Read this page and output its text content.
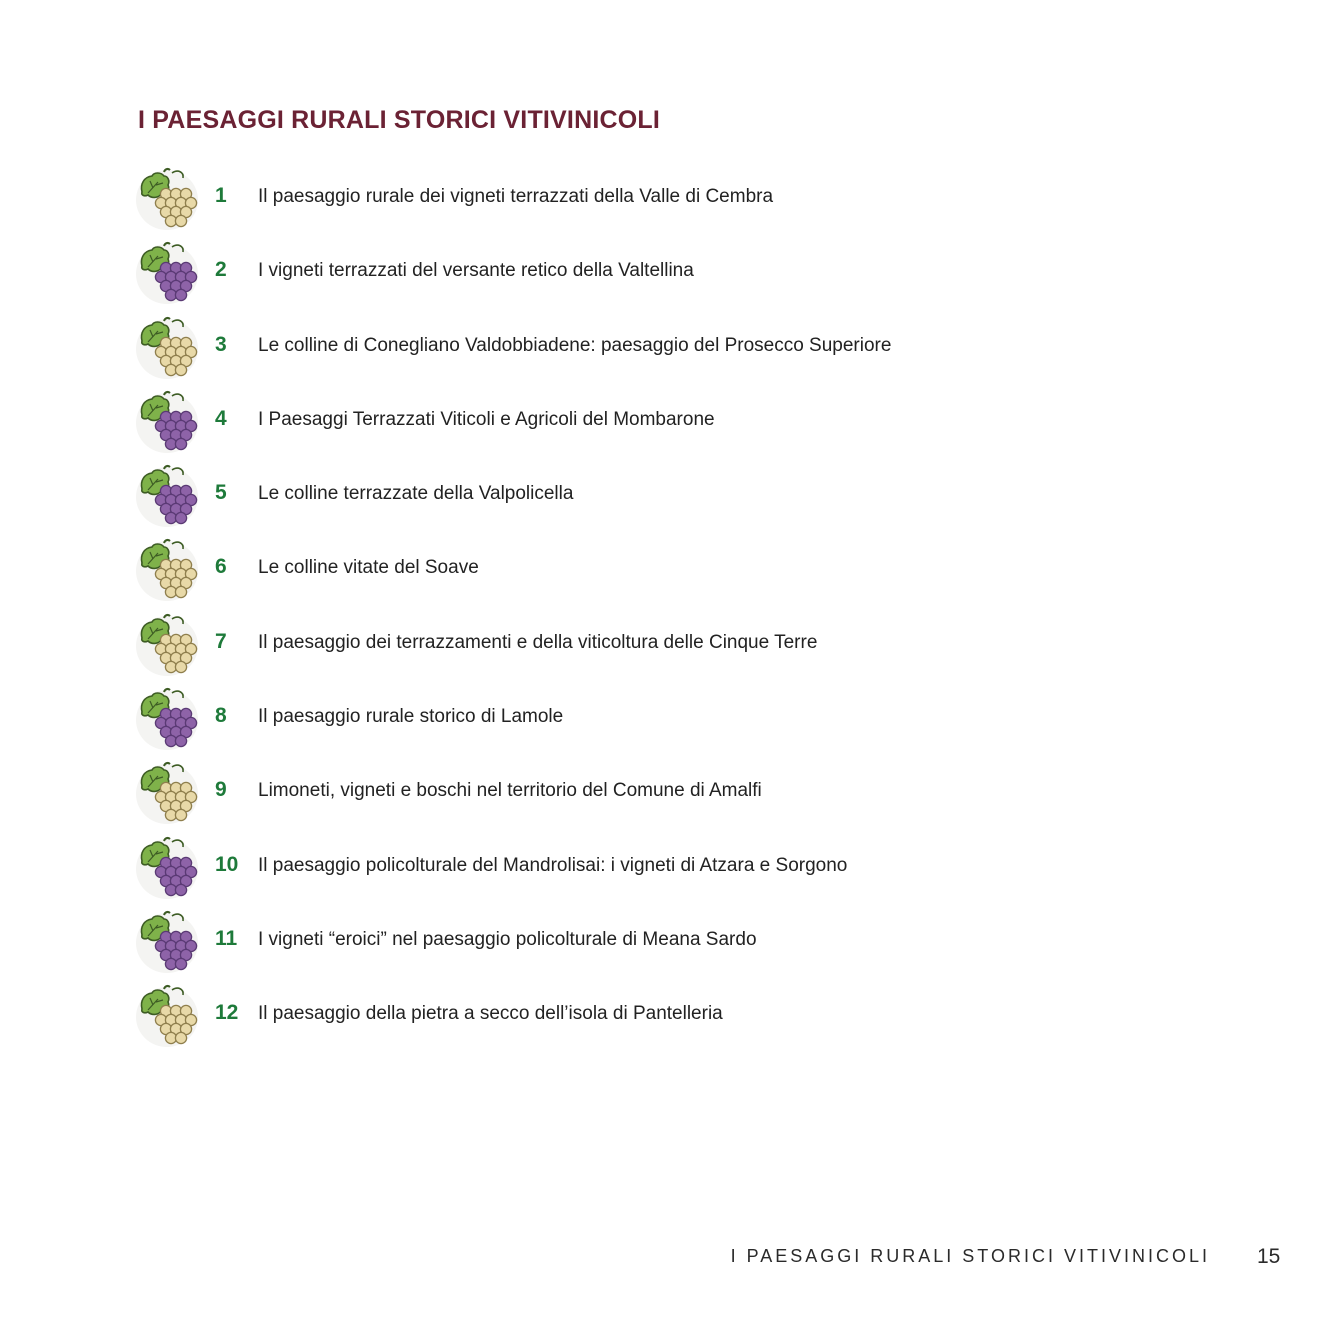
I PAESAGGI RURALI STORICI VITIVINICOLI
1 Il paesaggio rurale dei vigneti terrazzati della Valle di Cembra
2 I vigneti terrazzati del versante retico della Valtellina
3 Le colline di Conegliano Valdobbiadene: paesaggio del Prosecco Superiore
4 I Paesaggi Terrazzati Viticoli e Agricoli del Mombarone
5 Le colline terrazzate della Valpolicella
6 Le colline vitate del Soave
7 Il paesaggio dei terrazzamenti e della viticoltura delle Cinque Terre
8 Il paesaggio rurale storico di Lamole
9 Limoneti, vigneti e boschi nel territorio del Comune di Amalfi
10 Il paesaggio policolturale del Mandrolisai: i vigneti di Atzara e Sorgono
11 I vigneti “eroici” nel paesaggio policolturale di Meana Sardo
12 Il paesaggio della pietra a secco dell’isola di Pantelleria
I PAESAGGI RURALI STORICI VITIVINICOLI 15
